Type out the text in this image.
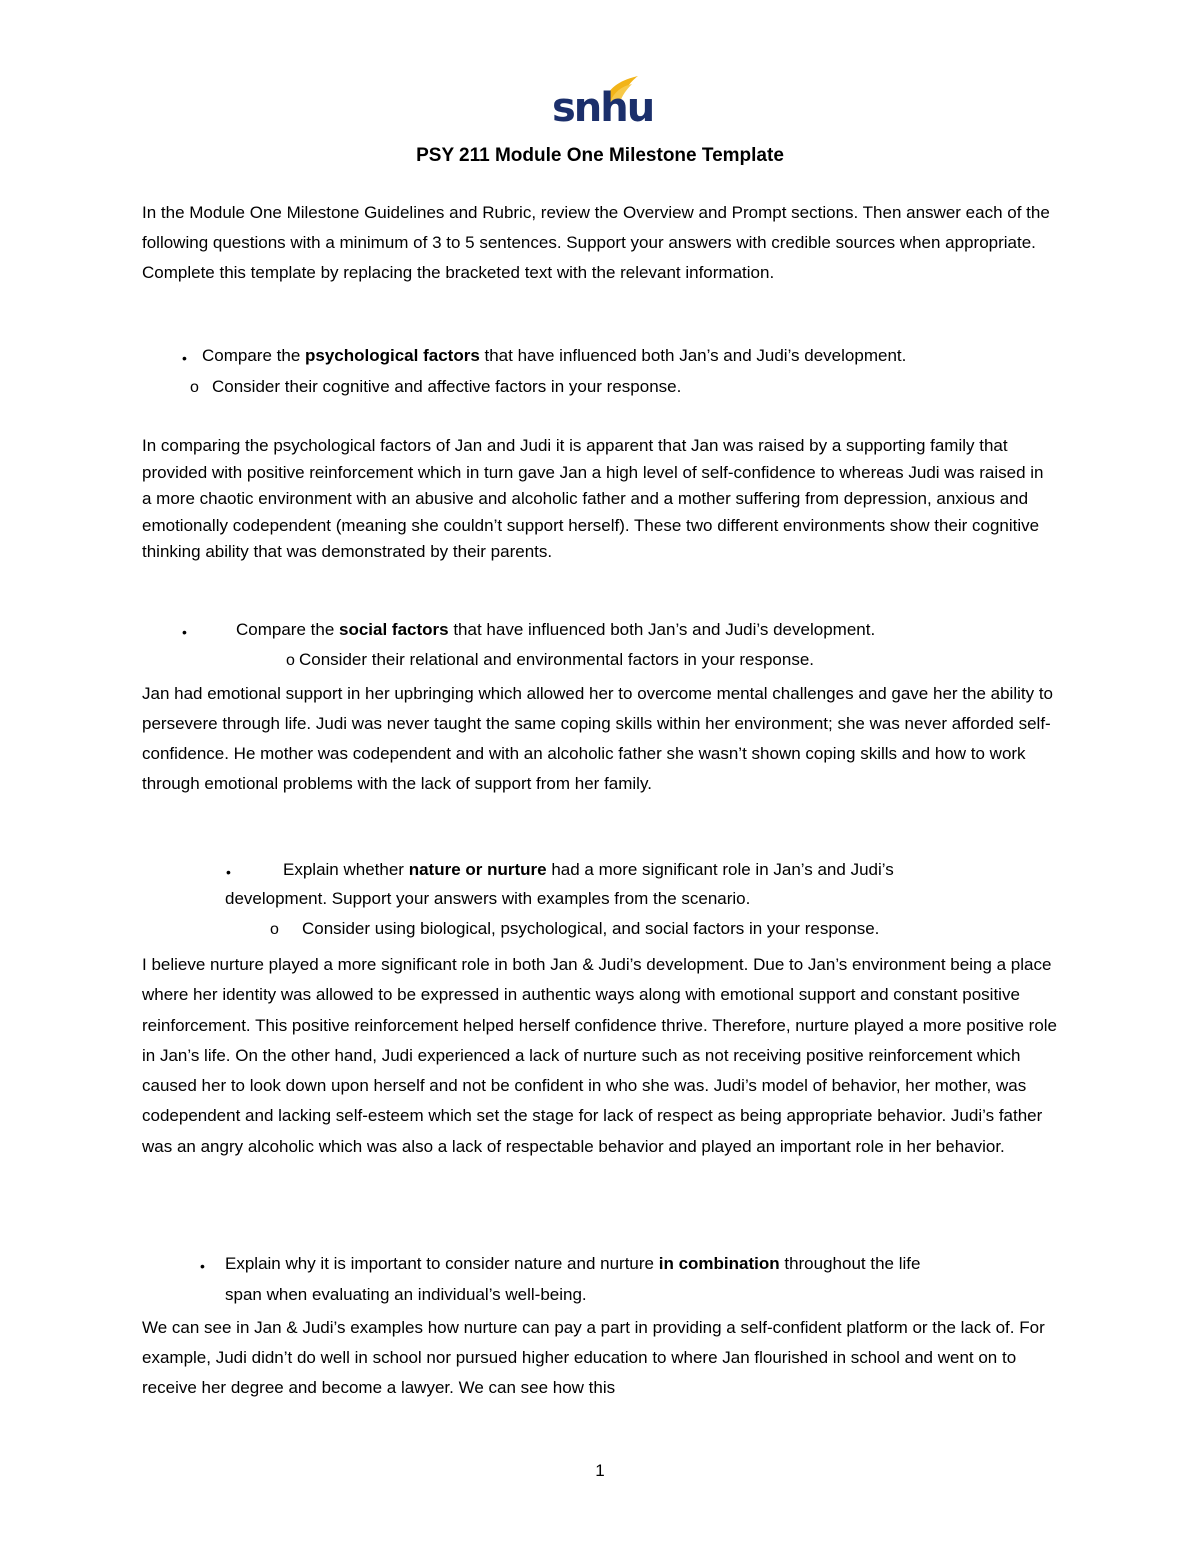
snhu
PSY 211 Module One Milestone Template
In the Module One Milestone Guidelines and Rubric, review the Overview and Prompt sections. Then answer each of the following questions with a minimum of 3 to 5 sentences. Support your answers with credible sources when appropriate. Complete this template by replacing the bracketed text with the relevant information.
• Compare the psychological factors that have influenced both Jan’s and Judi’s development.
o Consider their cognitive and affective factors in your response.
In comparing the psychological factors of Jan and Judi it is apparent that Jan was raised by a supporting family that provided with positive reinforcement which in turn gave Jan a high level of self-confidence to whereas Judi was raised in a more chaotic environment with an abusive and alcoholic father and a mother suffering from depression, anxious and emotionally codependent (meaning she couldn’t support herself). These two different environments show their cognitive thinking ability that was demonstrated by their parents.
•	Compare the social factors that have influenced both Jan’s and Judi’s development.
o Consider their relational and environmental factors in your response.
Jan had emotional support in her upbringing which allowed her to overcome mental challenges and gave her the ability to persevere through life. Judi was never taught the same coping skills within her environment; she was never afforded self-confidence. He mother was codependent and with an alcoholic father she wasn’t shown coping skills and how to work through emotional problems with the lack of support from her family.
•	Explain whether nature or nurture had a more significant role in Jan’s and Judi’s
development. Support your answers with examples from the scenario.
o Consider using biological, psychological, and social factors in your response.
I believe nurture played a more significant role in both Jan & Judi’s development. Due to Jan’s environment being a place where her identity was allowed to be expressed in authentic ways along with emotional support and constant positive reinforcement. This positive reinforcement helped herself confidence thrive. Therefore, nurture played a more positive role in Jan’s life. On the other hand, Judi experienced a lack of nurture such as not receiving positive reinforcement which caused her to look down upon herself and not be confident in who she was. Judi’s model of behavior, her mother, was codependent and lacking self-esteem which set the stage for lack of respect as being appropriate behavior. Judi’s father was an angry alcoholic which was also a lack of respectable behavior and played an important role in her behavior.
• Explain why it is important to consider nature and nurture in combination throughout the life
span when evaluating an individual’s well-being.
We can see in Jan & Judi’s examples how nurture can pay a part in providing a self-confident platform or the lack of. For example, Judi didn’t do well in school nor pursued higher education to where Jan flourished in school and went on to receive her degree and become a lawyer. We can see how this
1
